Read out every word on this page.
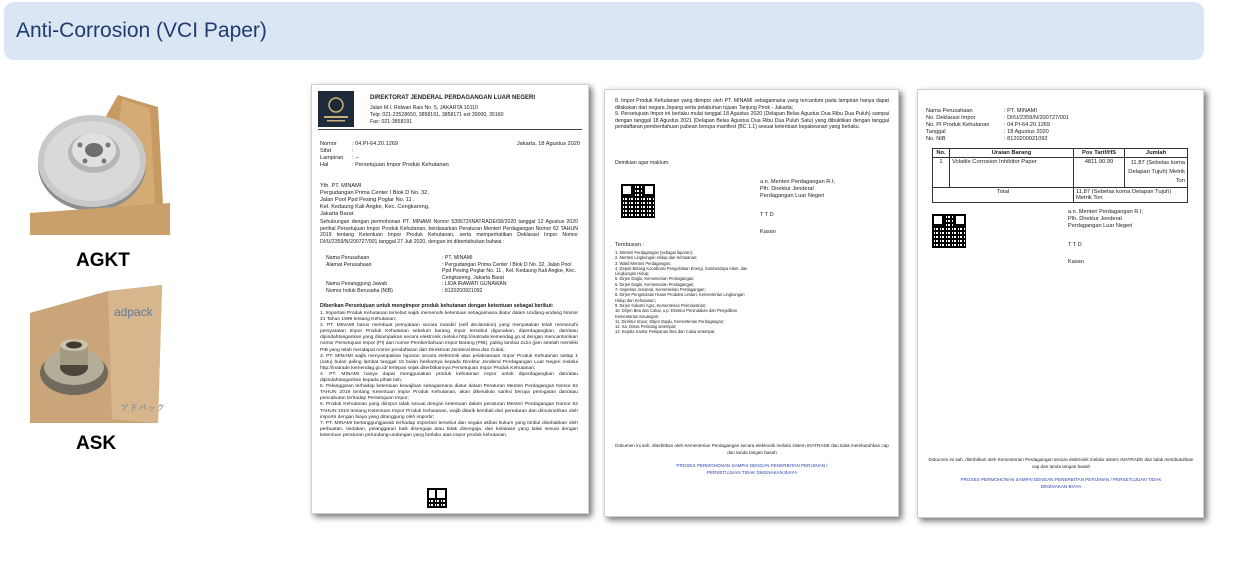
Anti-Corrosion (VCI Paper)
AGKT
adpack
アドパック
ASK
DIREKTORAT JENDERAL PERDAGANGAN LUAR NEGERI
Jalan M.I. Ridwan Rais No. 5, JAKARTA 10110
Telp: 021-23528650, 3858191, 3858171 ext 39000, 35160
Fax: 021-3858191
Nomor	: 04.PI-64.20.1269	Jakarta, 18 Agustus 2020
Sifat	:
Lampiran	: --
Hal	: Persetujuan Impor Produk Kehutanan
Yth. PT. MINAMI
Pergudangan Prima Center I Blok D No. 32,
Jalan Pool Ppd Pesing Poglar No. 11 ,
Kel. Kedaung Kali Angke, Kec. Cengkareng,
Jakarta Barat
Sehubungan dengan permohonan PT. MINAMI Nomor 539672/INATRADE/08/2020 tanggal 12 Agustus 2020 perihal Persetujuan Impor Produk Kehutanan, berdasarkan Peraturan Menteri Perdagangan Nomor 62 TAHUN 2019 tentang Ketentuan Impor Produk Kehutanan, serta memperhatikan Deklarasi Impor Nomor DI/U/2359/N/200727/001 tanggal 27 Juli 2020, dengan ini diberitahukan bahwa :
Nama Perusahaan	: PT. MINAMI
Alamat Perusahaan	: Pergudangan Prima Center I Blok D No. 32, Jalan Pool Ppd Pesing Poglar No. 11 , Kel. Kedaung Kali Angke, Kec. Cengkareng, Jakarta Barat
Nama Penanggung Jawab	: LIDA IRAWATI GUNAWAN
Nomor Induk Berusaha (NIB)	: 8120200921092
Diberikan Persetujuan untuk mengimpor produk kehutanan dengan ketentuan sebagai berikut:
1. Importasi Produk Kehutanan tersebut wajib memenuhi ketentuan sebagaimana diatur dalam Undang-undang Nomor 41 Tahun 1999 tentang Kehutanan;
2. PT. MINAMI harus membuat pernyataan secara mandiri (self declaration) yang menyatakan telah memenuhi persyaratan Impor Produk Kehutanan sebelum barang impor tersebut digunakan, diperdagangkan, dan/atau dipindahtangankan yang disampaikan secara elektronik melalui http://inatrade.kemendag.go.id dengan mencantumkan nomor Persetujuan Impor (PI) dan nomor Pemberitahuan Impor Barang (PIB), paling lambat 2x24 (jam setelah memiliki PIB yang telah mendapat nomor pendaftaran dari Direktorat Jenderal Bea dan Cukai;
3. PT. MINAMI wajib menyampaikan laporan secara elektronik atas pelaksanaan Impor Produk Kehutanan setiap 1 (satu) bulan paling lambat tanggal 15 bulan berikutnya kepada Direktur Jenderal Perdagangan Luar Negeri melalui http://inatrade.kemendag.go.id/ terlepas sejak diterbitkannya Persetujuan Impor Produk Kehutanan;
4. PT. MINAMI hanya dapat menggunakan produk kehutanan impor untuk diperdagangkan dan/atau dipindahtangankan kepada pihak lain;
5. Pelanggaran terhadap ketentuan kewajiban sebagaimana diatur dalam Peraturan Menteri Perdagangan Nomor 62 TAHUN 2019 tentang Ketentuan Impor Produk Kehutanan, akan dikenakan sanksi berupa peringatan dan/atau pencabutan terhadap Persetujuan Impor;
6. Produk Kehutanan yang diimpor tidak sesuai dengan ketentuan dalam peraturan Menteri Perdagangan Nomor 62 TAHUN 2019 tentang Ketentuan Impor Produk Kehutanan, wajib ditarik kembali dari peredaran dan dimusnahkan oleh importir dengan biaya yang ditanggung oleh importir;
7. PT. MINAMI bertanggungjawab terhadap importasi tersebut dan segala akibat hukum yang timbul disebabkan oleh perbuatan, tindakan, pelanggaran baik disengaja atau tidak disengaja, dan kelalaian yang tidak sesuai dengan ketentuan peraturan perundang-undangan yang berlaku atas impor produk kehutanan.
8. Impor Produk Kehutanan yang diimpor oleh PT. MINAMI sebagaimana yang tercantum pada lampiran hanya dapat dilakukan dari negara Jepang serta pelabuhan tujuan Tanjung Priok - Jakarta;
9. Persetujuan Impor ini berlaku mulai tanggal 18 Agustus 2020 (Delapan Belas Agustus Dua Ribu Dua Puluh) sampai dengan tanggal 18 Agustus 2021 (Delapan Belas Agustus Dua Ribu Dua Puluh Satu) yang dibuktikan dengan tanggal pendaftaran pemberitahuan pabean berupa manifest (BC 1.1) sesuai ketentuan kepabeanan yang berlaku.
Demikian agar maklum.
a.n. Menteri Perdagangan R.I;
Plh. Direktur Jenderal
Perdagangan Luar Negeri
T T D
Kasan
Tembusan :
1. Menteri Perdagangan (sebagai laporan);
2. Menteri Lingkungan Hidup dan Kehutanan;
3. Wakil Menteri Perdagangan;
4. Deputi Bidang Koordinasi Pengelolaan Energi, Sumberdaya Alam, dan Lingkungan Hidup;
5. Dirjen Daglu, Kementerian Perdagangan;
6. Dirjen Daglri, Kementerian Perdagangan;
7. Inspektur Jenderal, Kementerian Perdagangan;
8. Dirjen Pengelolaan Hutan Produksi Lestari, Kementerian Lingkungan Hidup dan Kehutanan;
9. Dirjen Industri Agro, Kementerian Perindustrian;
10. Dirjen Bea dan Cukai, u.p. Direktur Penindakan dan Penyidikan Kementerian Keuangan;
11. Direktur Impor, Ditjen Daglu, Kementerian Perdagangan;
12. Ka. Dinas Perindag setempat;
13. Kepala Kantor Pelayanan Bea dan Cukai setempat.
Dokumen ini sah, diterbitkan oleh Kementerian Perdagangan secara elektronik melalui sistem INATRADE dan tidak membutuhkan cap dan tanda tangan basah
PROSES PERMOHONAN SAMPAI DENGAN PENERBITAN PERIJINAN / PERSETUJUAN TIDAK DIKENAKAN BIAYA
Nama Perusahaan	: PT. MINAMI
No. Deklarasi Impor	: DI/U/2359/N/200727/001
No. PI Produk Kehutanan	: 04.PI-64.20.1269
Tanggal	: 18 Agustus 2020
No. NIB	: 8120200921092
No.	Uraian Barang	Pos Tarif/HS	Jumlah
1	Volatile Corrosion Inhibitor Paper	4811.90.99	11,87 (Sebelas koma Delapan Tujuh) Metrik Ton
Total		11,87 (Sebelas koma Delapan Tujuh) Metrik Ton	
a.n. Menteri Perdagangan R.I;
Plh. Direktur Jenderal
Perdagangan Luar Negeri
T T D
Kasan
Dokumen ini sah, diterbitkan oleh Kementerian Perdagangan secara elektronik melalui sistem INATRADE dan tidak membutuhkan cap dan tanda tangan basah
PROSES PERMOHONAN SAMPAI DENGAN PENERBITAN PERIJINAN / PERSETUJUAN TIDAK DIKENAKAN BIAYA
